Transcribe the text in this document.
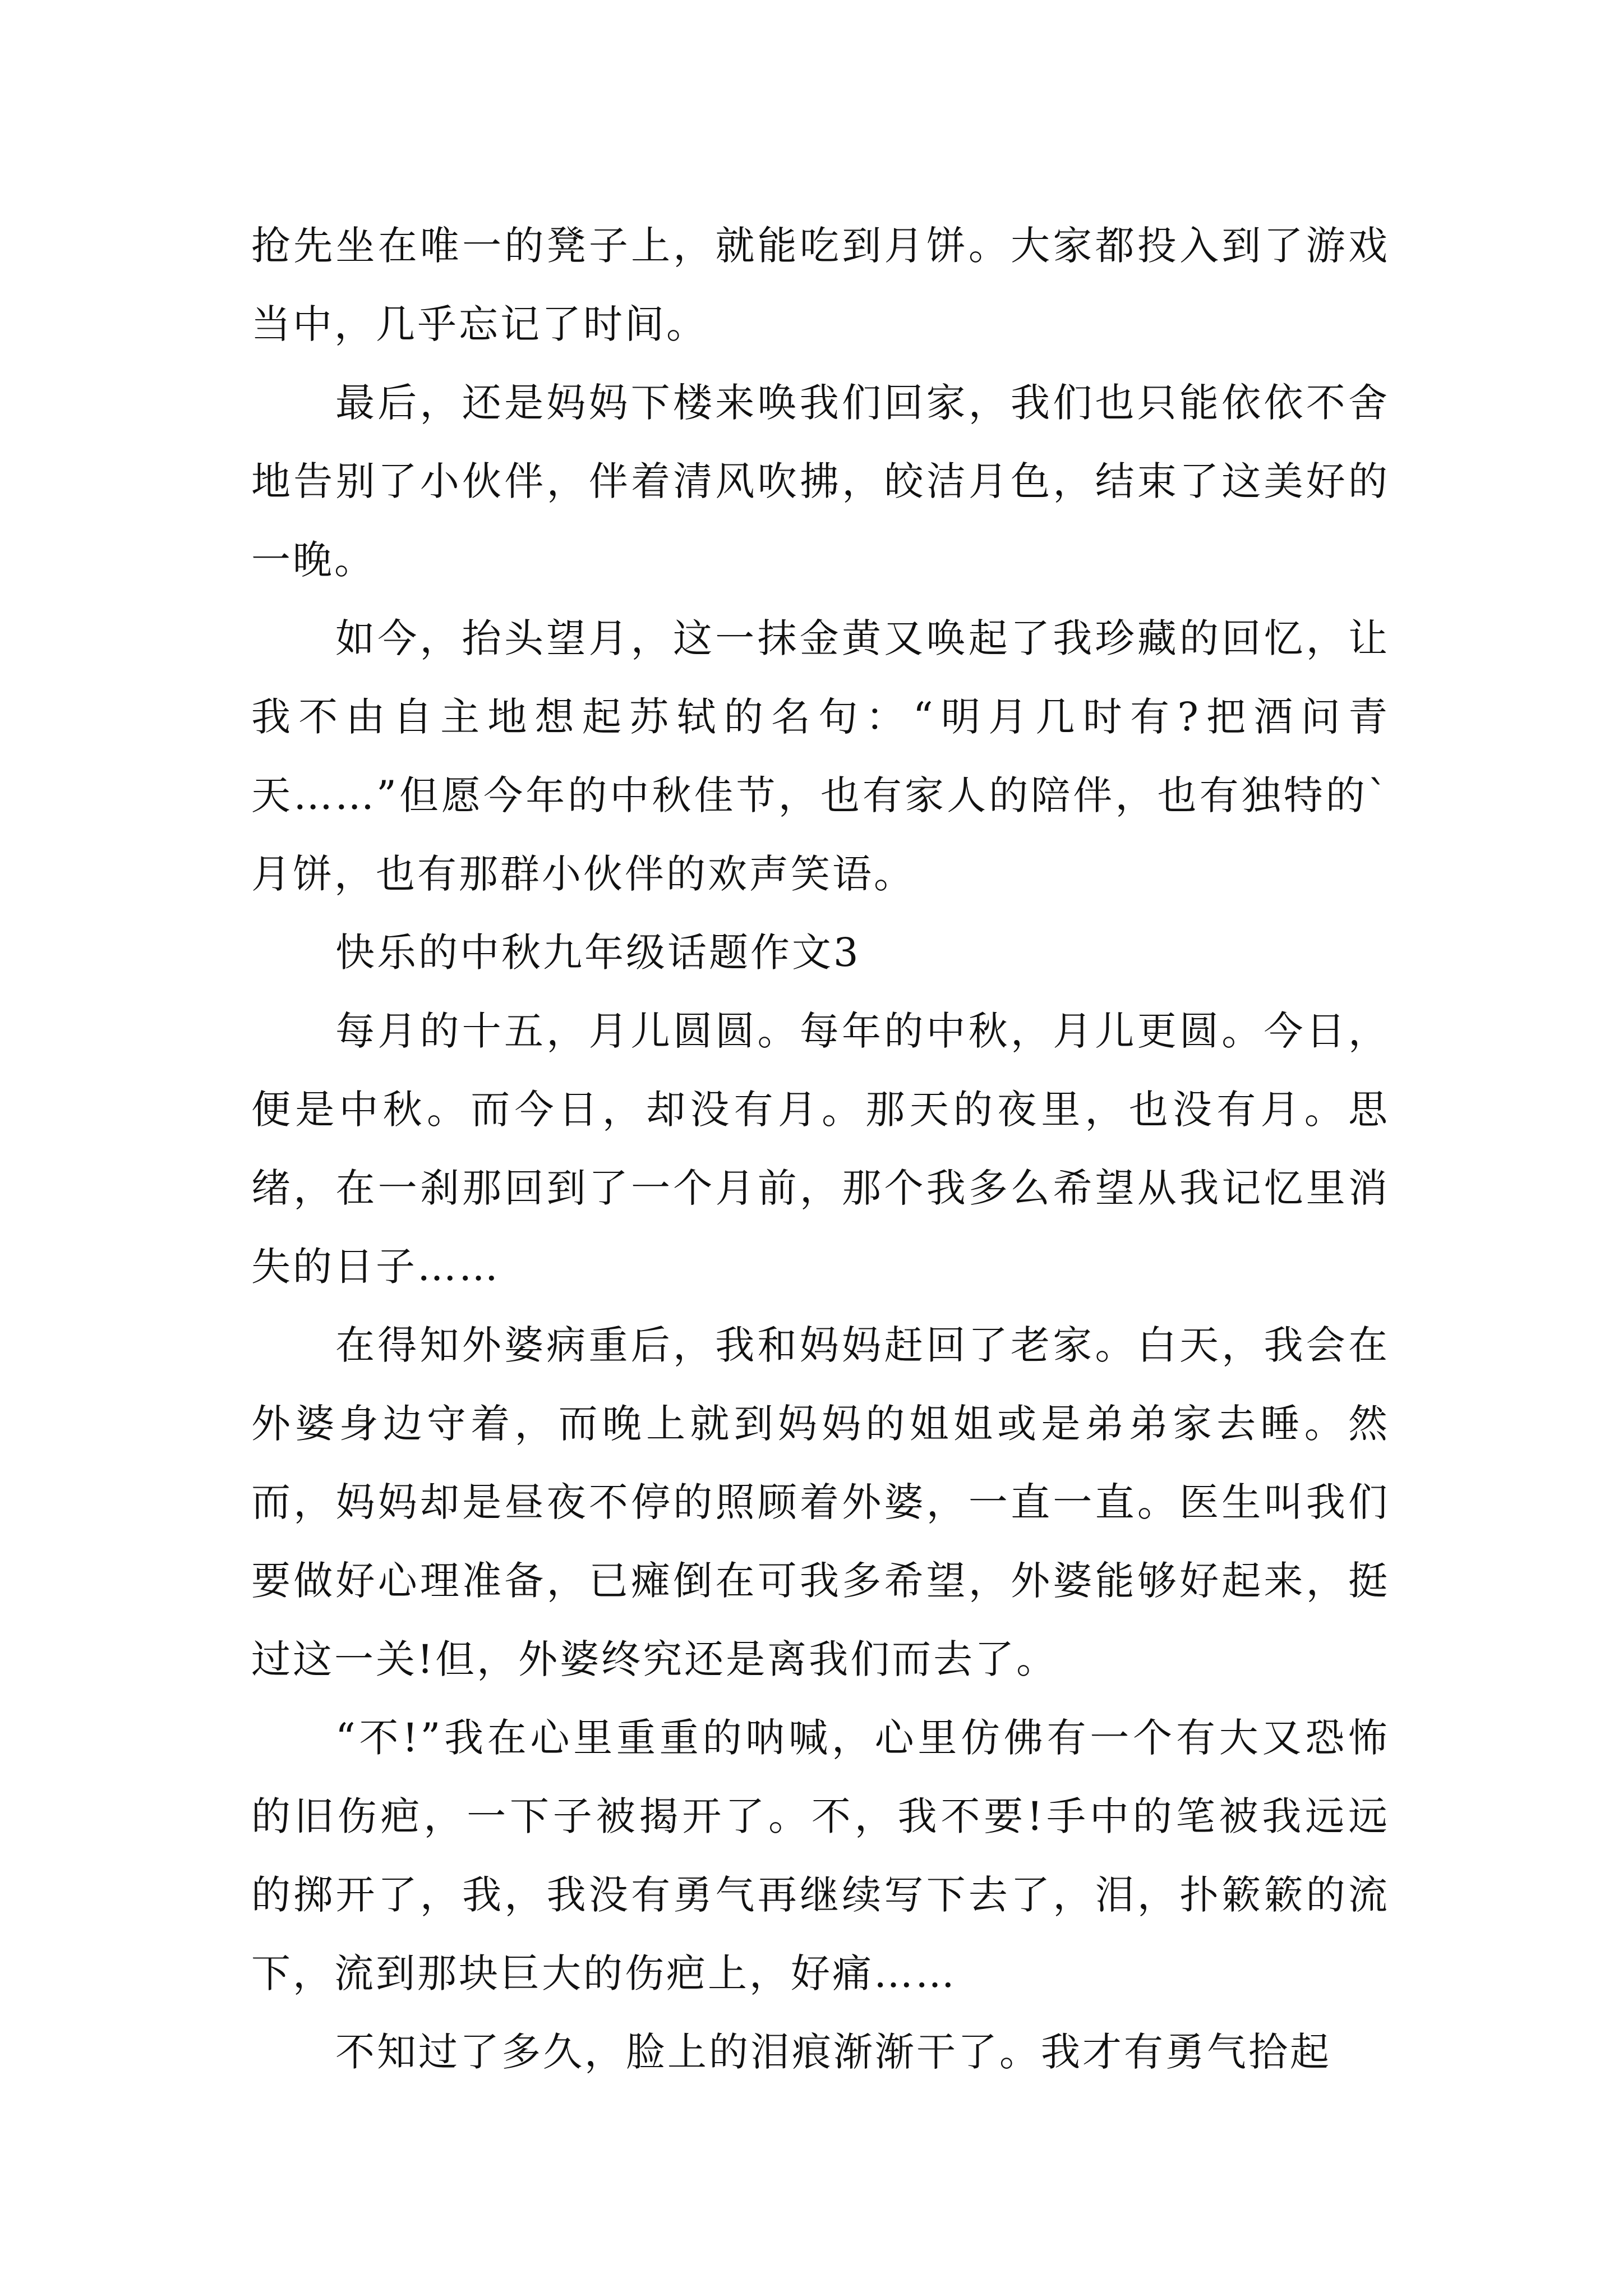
抢先坐在唯一的凳子上，就能吃到月饼。大家都投入到了游戏当中，几乎忘记了时间。

最后，还是妈妈下楼来唤我们回家，我们也只能依依不舍地告别了小伙伴，伴着清风吹拂，皎洁月色，结束了这美好的一晚。

如今，抬头望月，这一抹金黄又唤起了我珍藏的回忆，让我不由自主地想起苏轼的名句：“明月几时有?把酒问青天……”但愿今年的中秋佳节，也有家人的陪伴，也有独特的`月饼，也有那群小伙伴的欢声笑语。

快乐的中秋九年级话题作文3

每月的十五，月儿圆圆。每年的中秋，月儿更圆。今日，便是中秋。而今日，却没有月。那天的夜里，也没有月。思绪，在一刹那回到了一个月前，那个我多么希望从我记忆里消失的日子……

在得知外婆病重后，我和妈妈赶回了老家。白天，我会在外婆身边守着，而晚上就到妈妈的姐姐或是弟弟家去睡。然而，妈妈却是昼夜不停的照顾着外婆，一直一直。医生叫我们要做好心理准备，已瘫倒在可我多希望，外婆能够好起来，挺过这一关!但，外婆终究还是离我们而去了。

“不!”我在心里重重的呐喊，心里仿佛有一个有大又恐怖的旧伤疤，一下子被揭开了。不，我不要!手中的笔被我远远的掷开了，我，我没有勇气再继续写下去了，泪，扑簌簌的流下，流到那块巨大的伤疤上，好痛……

不知过了多久，脸上的泪痕渐渐干了。我才有勇气拾起
